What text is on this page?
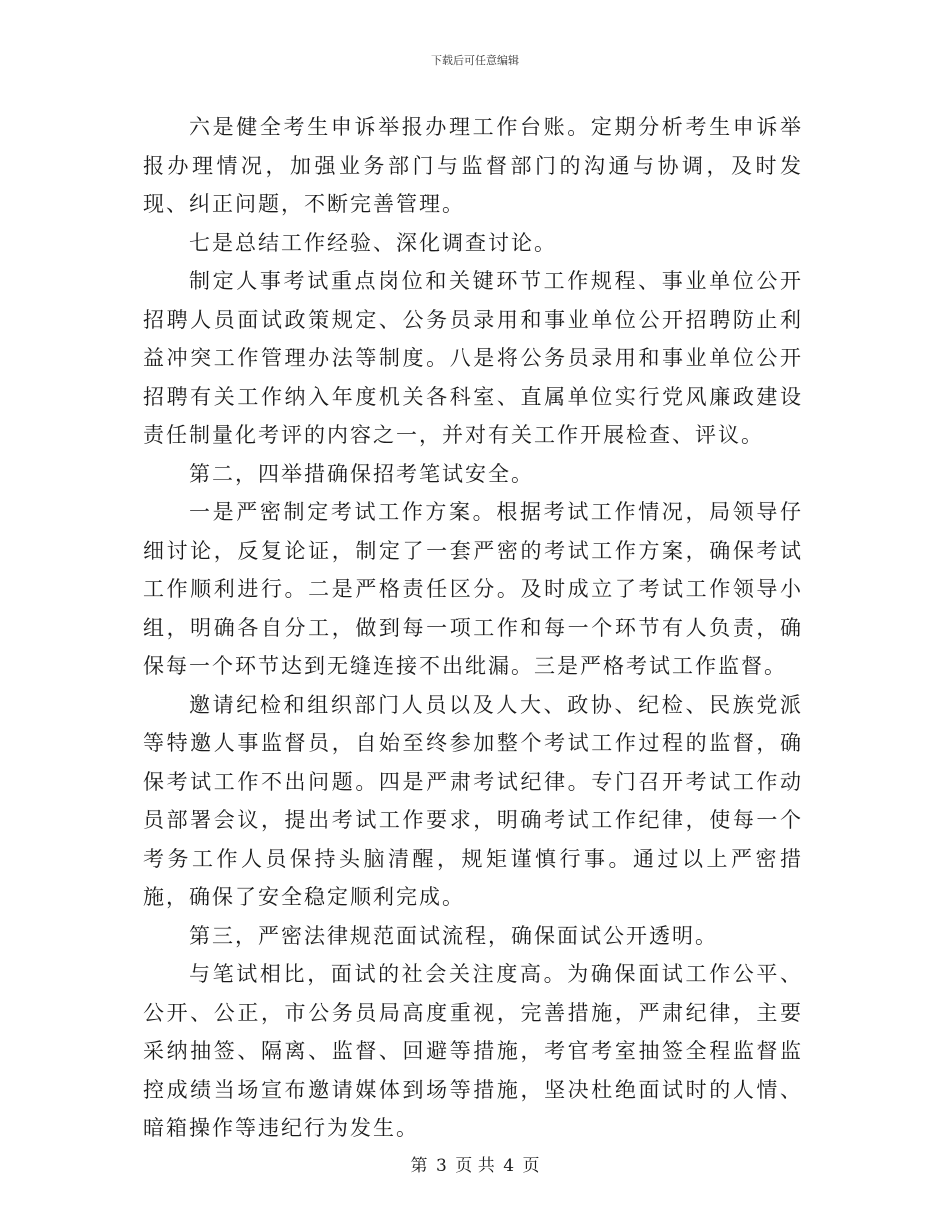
下载后可任意编辑

六是健全考生申诉举报办理工作台账。定期分析考生申诉举报办理情况，加强业务部门与监督部门的沟通与协调，及时发现、纠正问题，不断完善管理。

七是总结工作经验、深化调查讨论。

制定人事考试重点岗位和关键环节工作规程、事业单位公开招聘人员面试政策规定、公务员录用和事业单位公开招聘防止利益冲突工作管理办法等制度。八是将公务员录用和事业单位公开招聘有关工作纳入年度机关各科室、直属单位实行党风廉政建设责任制量化考评的内容之一，并对有关工作开展检查、评议。

第二，四举措确保招考笔试安全。

一是严密制定考试工作方案。根据考试工作情况，局领导仔细讨论，反复论证，制定了一套严密的考试工作方案，确保考试工作顺利进行。二是严格责任区分。及时成立了考试工作领导小组，明确各自分工，做到每一项工作和每一个环节有人负责，确保每一个环节达到无缝连接不出纰漏。三是严格考试工作监督。

邀请纪检和组织部门人员以及人大、政协、纪检、民族党派等特邀人事监督员，自始至终参加整个考试工作过程的监督，确保考试工作不出问题。四是严肃考试纪律。专门召开考试工作动员部署会议，提出考试工作要求，明确考试工作纪律，使每一个考务工作人员保持头脑清醒，规矩谨慎行事。通过以上严密措施，确保了安全稳定顺利完成。

第三，严密法律规范面试流程，确保面试公开透明。

与笔试相比，面试的社会关注度高。为确保面试工作公平、公开、公正，市公务员局高度重视，完善措施，严肃纪律，主要采纳抽签、隔离、监督、回避等措施，考官考室抽签全程监督监控成绩当场宣布邀请媒体到场等措施，坚决杜绝面试时的人情、暗箱操作等违纪行为发生。

第 3 页 共 4 页
